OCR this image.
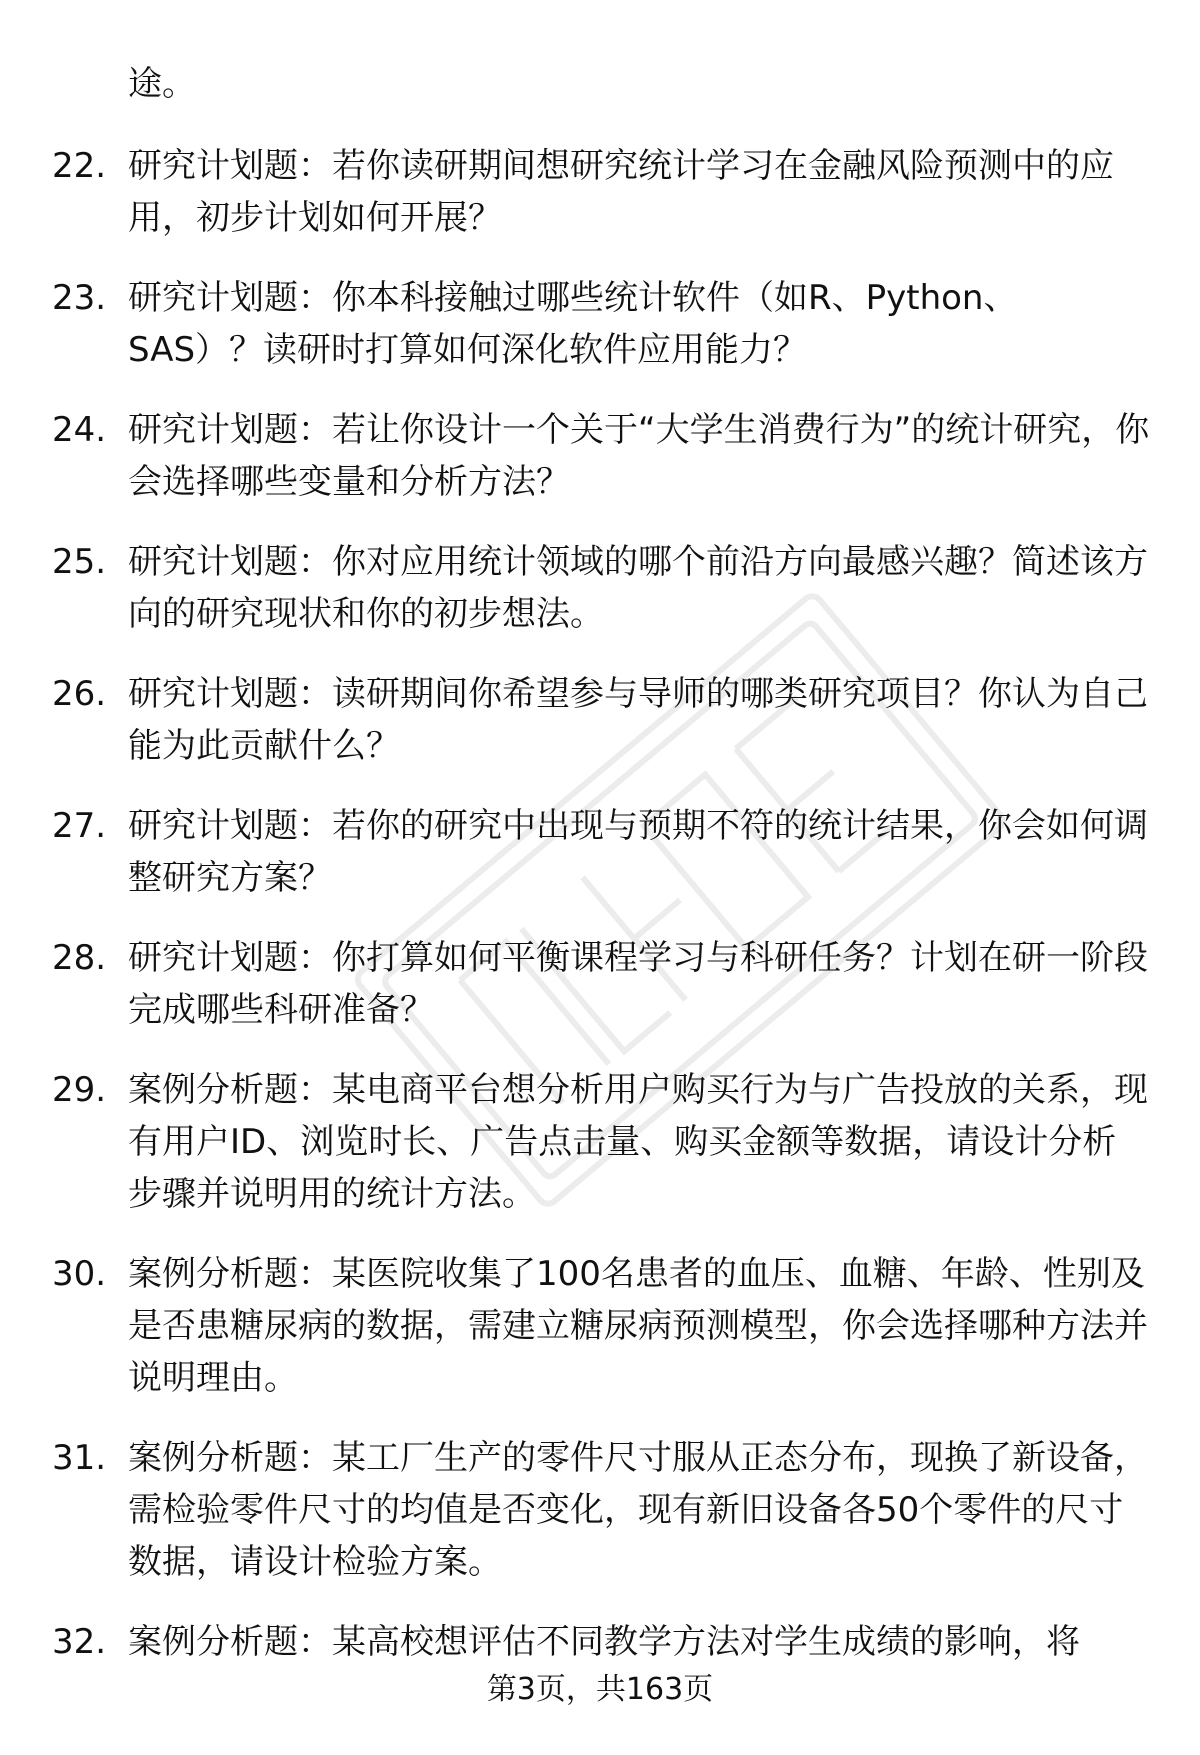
途。

22. 研究计划题：若你读研期间想研究统计学习在金融风险预测中的应用，初步计划如何开展？
23. 研究计划题：你本科接触过哪些统计软件（如R、Python、SAS）？读研时打算如何深化软件应用能力？
24. 研究计划题：若让你设计一个关于“大学生消费行为”的统计研究，你会选择哪些变量和分析方法？
25. 研究计划题：你对应用统计领域的哪个前沿方向最感兴趣？简述该方向的研究现状和你的初步想法。
26. 研究计划题：读研期间你希望参与导师的哪类研究项目？你认为自己能为此贡献什么？
27. 研究计划题：若你的研究中出现与预期不符的统计结果，你会如何调整研究方案？
28. 研究计划题：你打算如何平衡课程学习与科研任务？计划在研一阶段完成哪些科研准备？
29. 案例分析题：某电商平台想分析用户购买行为与广告投放的关系，现有用户ID、浏览时长、广告点击量、购买金额等数据，请设计分析步骤并说明用的统计方法。
30. 案例分析题：某医院收集了100名患者的血压、血糖、年龄、性别及是否患糖尿病的数据，需建立糖尿病预测模型，你会选择哪种方法并说明理由。
31. 案例分析题：某工厂生产的零件尺寸服从正态分布，现换了新设备，需检验零件尺寸的均值是否变化，现有新旧设备各50个零件的尺寸数据，请设计检验方案。
32. 案例分析题：某高校想评估不同教学方法对学生成绩的影响，将
第3页，共163页
